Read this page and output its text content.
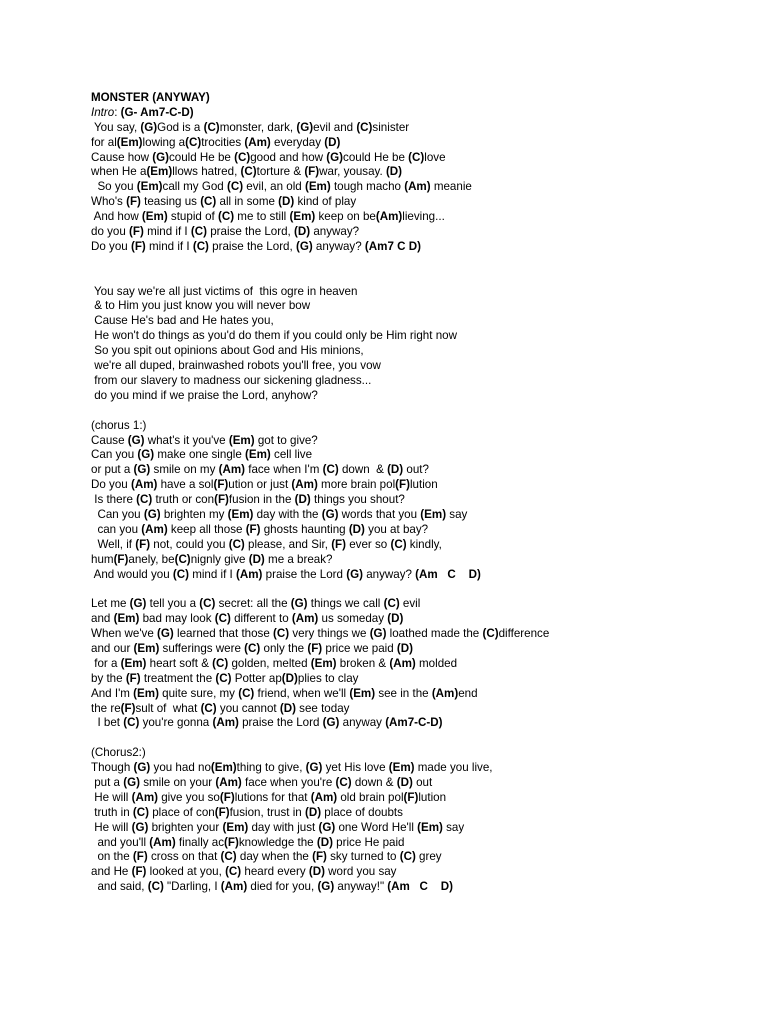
MONSTER (ANYWAY)
Intro: (G- Am7-C-D)
You say, (G)God is a (C)monster, dark, (G)evil and (C)sinister
for al(Em)lowing a(C)trocities (Am) everyday (D)
Cause how (G)could He be (C)good and how (G)could He be (C)love
when He a(Em)llows hatred, (C)torture & (F)war, yousay. (D)
So you (Em)call my God (C) evil, an old (Em) tough macho (Am) meanie
Who's (F) teasing us (C) all in some (D) kind of play
And how (Em) stupid of (C) me to still (Em) keep on be(Am)lieving...
do you (F) mind if I (C) praise the Lord, (D) anyway?
Do you (F) mind if I (C) praise the Lord, (G) anyway? (Am7 C D)
You say we're all just victims of  this ogre in heaven
& to Him you just know you will never bow
Cause He's bad and He hates you,
He won't do things as you'd do them if you could only be Him right now
So you spit out opinions about God and His minions,
we're all duped, brainwashed robots you'll free, you vow
from our slavery to madness our sickening gladness...
do you mind if we praise the Lord, anyhow?
(chorus 1:)
Cause (G) what's it you've (Em) got to give?
Can you (G) make one single (Em) cell live
or put a (G) smile on my (Am) face when I'm (C) down  & (D) out?
Do you (Am) have a sol(F)ution or just (Am) more brain pol(F)lution
Is there (C) truth or con(F)fusion in the (D) things you shout?
Can you (G) brighten my (Em) day with the (G) words that you (Em) say
can you (Am) keep all those (F) ghosts haunting (D) you at bay?
Well, if (F) not, could you (C) please, and Sir, (F) ever so (C) kindly,
hum(F)anely, be(C)nignly give (D) me a break?
And would you (C) mind if I (Am) praise the Lord (G) anyway? (Am   C    D)
Let me (G) tell you a (C) secret: all the (G) things we call (C) evil
and (Em) bad may look (C) different to (Am) us someday (D)
When we've (G) learned that those (C) very things we (G) loathed made the (C)difference
and our (Em) sufferings were (C) only the (F) price we paid (D)
for a (Em) heart soft & (C) golden, melted (Em) broken & (Am) molded
by the (F) treatment the (C) Potter ap(D)plies to clay
And I'm (Em) quite sure, my (C) friend, when we'll (Em) see in the (Am)end
the re(F)sult of  what (C) you cannot (D) see today
I bet (C) you're gonna (Am) praise the Lord (G) anyway (Am7-C-D)
(Chorus2:)
Though (G) you had no(Em)thing to give, (G) yet His love (Em) made you live,
put a (G) smile on your (Am) face when you're (C) down & (D) out
He will (Am) give you so(F)lutions for that (Am) old brain pol(F)lution
truth in (C) place of con(F)fusion, trust in (D) place of doubts
He will (G) brighten your (Em) day with just (G) one Word He'll (Em) say
and you'll (Am) finally ac(F)knowledge the (D) price He paid
on the (F) cross on that (C) day when the (F) sky turned to (C) grey
and He (F) looked at you, (C) heard every (D) word you say
and said, (C) "Darling, I (Am) died for you, (G) anyway!" (Am   C    D)
